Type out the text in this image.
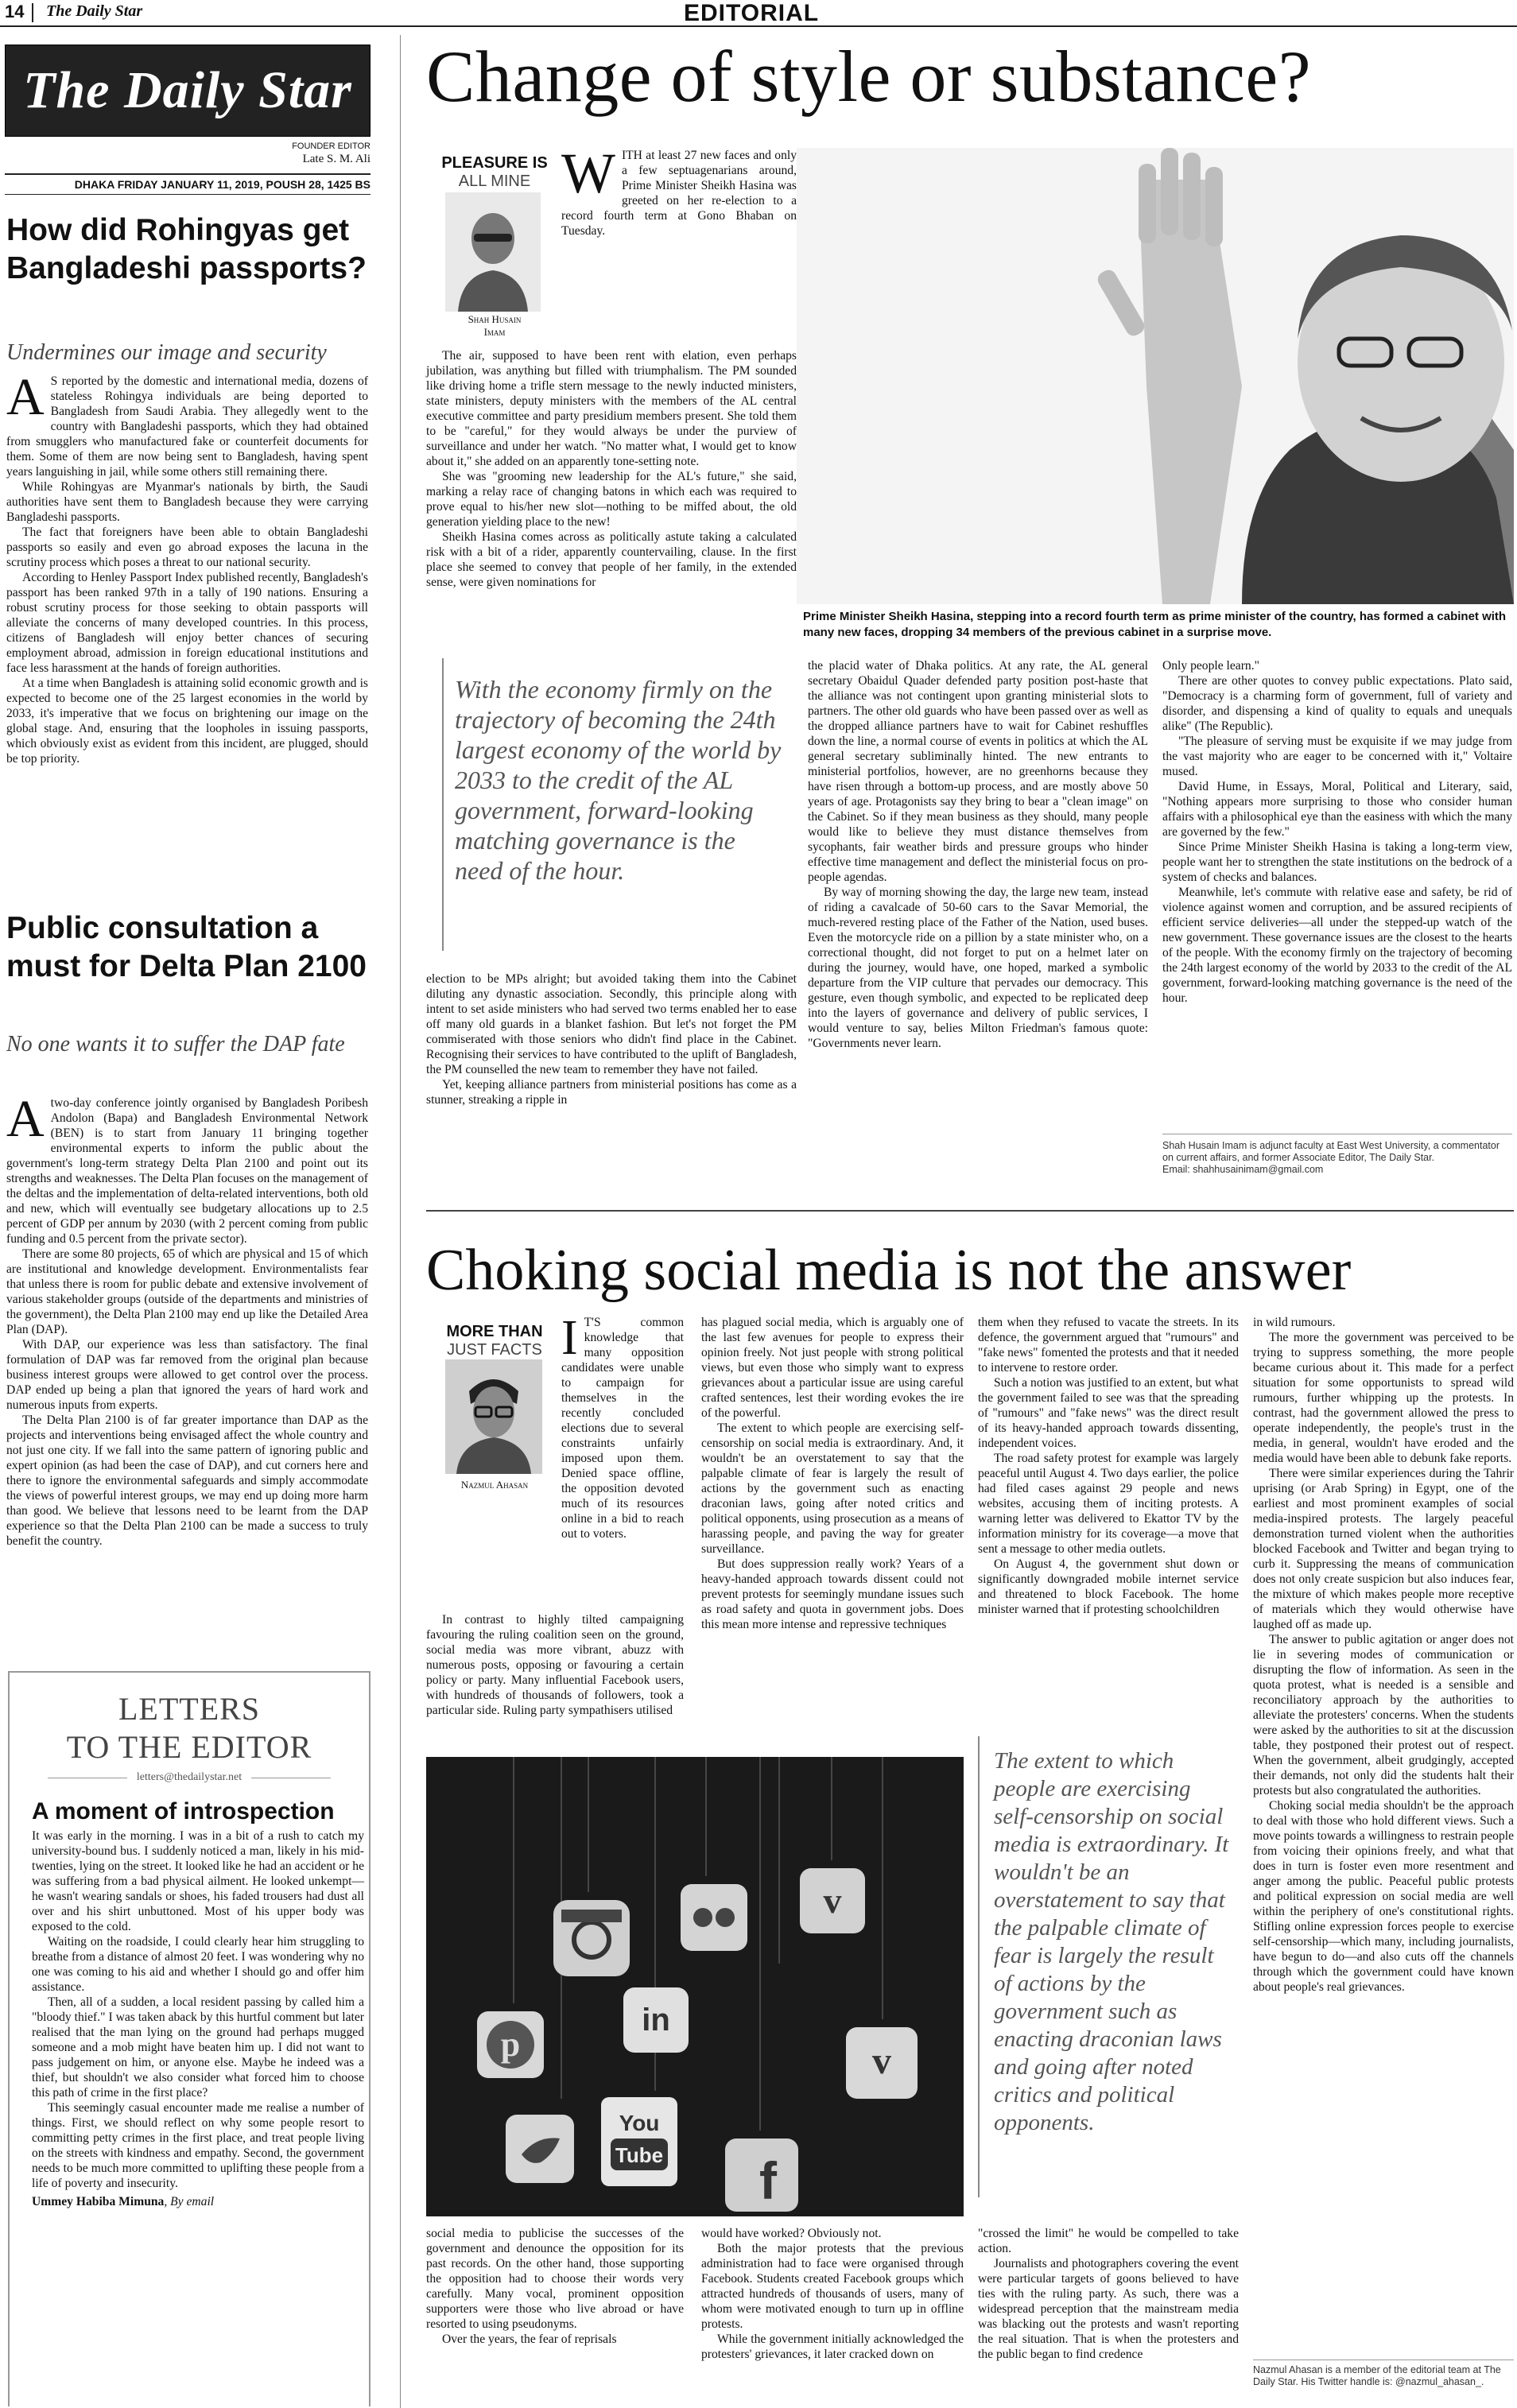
14 The Daily Star	EDITORIAL
The Daily Star
FOUNDER EDITOR
Late S. M. Ali
DHAKA FRIDAY JANUARY 11, 2019, POUSH 28, 1425 BS
How did Rohingyas get Bangladeshi passports?
Undermines our image and security
A S reported by the domestic and international media, dozens of stateless Rohingya individuals are being deported to Bangladesh from Saudi Arabia. They allegedly went to the country with Bangladeshi passports, which they had obtained from smugglers who manufactured fake or counterfeit documents for them. Some of them are now being sent to Bangladesh, having spent years languishing in jail, while some others still remaining there.

While Rohingyas are Myanmar's nationals by birth, the Saudi authorities have sent them to Bangladesh because they were carrying Bangladeshi passports.

The fact that foreigners have been able to obtain Bangladeshi passports so easily and even go abroad exposes the lacuna in the scrutiny process which poses a threat to our national security.

According to Henley Passport Index published recently, Bangladesh's passport has been ranked 97th in a tally of 190 nations. Ensuring a robust scrutiny process for those seeking to obtain passports will alleviate the concerns of many developed countries. In this process, citizens of Bangladesh will enjoy better chances of securing employment abroad, admission in foreign educational institutions and face less harassment at the hands of foreign authorities.

At a time when Bangladesh is attaining solid economic growth and is expected to become one of the 25 largest economies in the world by 2033, it's imperative that we focus on brightening our image on the global stage. And, ensuring that the loopholes in issuing passports, which obviously exist as evident from this incident, are plugged, should be top priority.

Public consultation a must for Delta Plan 2100
No one wants it to suffer the DAP fate
A two-day conference jointly organised by Bangladesh Poribesh Andolon (Bapa) and Bangladesh Environmental Network (BEN) is to start from January 11 bringing together environmental experts to inform the public about the government's long-term strategy Delta Plan 2100 and point out its strengths and weaknesses. The Delta Plan focuses on the management of the deltas and the implementation of delta-related interventions, both old and new, which will eventually see budgetary allocations up to 2.5 percent of GDP per annum by 2030 (with 2 percent coming from public funding and 0.5 percent from the private sector).

There are some 80 projects, 65 of which are physical and 15 of which are institutional and knowledge development. Environmentalists fear that unless there is room for public debate and extensive involvement of various stakeholder groups (outside of the departments and ministries of the government), the Delta Plan 2100 may end up like the Detailed Area Plan (DAP).

With DAP, our experience was less than satisfactory. The final formulation of DAP was far removed from the original plan because business interest groups were allowed to get control over the process. DAP ended up being a plan that ignored the years of hard work and numerous inputs from experts.

The Delta Plan 2100 is of far greater importance than DAP as the projects and interventions being envisaged affect the whole country and not just one city. If we fall into the same pattern of ignoring public and expert opinion (as had been the case of DAP), and cut corners here and there to ignore the environmental safeguards and simply accommodate the views of powerful interest groups, we may end up doing more harm than good. We believe that lessons need to be learnt from the DAP experience so that the Delta Plan 2100 can be made a success to truly benefit the country.

LETTERS
TO THE EDITOR
letters@thedailystar.net
A moment of introspection

It was early in the morning. I was in a bit of a rush to catch my university-bound bus. I suddenly noticed a man, likely in his mid-twenties, lying on the street. It looked like he had an accident or he was suffering from a bad physical ailment. He looked unkempt—he wasn't wearing sandals or shoes, his faded trousers had dust all over and his shirt unbuttoned. Most of his upper body was exposed to the cold.

Waiting on the roadside, I could clearly hear him struggling to breathe from a distance of almost 20 feet. I was wondering why no one was coming to his aid and whether I should go and offer him assistance.

Then, all of a sudden, a local resident passing by called him a "bloody thief." I was taken aback by this hurtful comment but later realised that the man lying on the ground had perhaps mugged someone and a mob might have beaten him up. I did not want to pass judgement on him, or anyone else. Maybe he indeed was a thief, but shouldn't we also consider what forced him to choose this path of crime in the first place?

This seemingly casual encounter made me realise a number of things. First, we should reflect on why some people resort to committing petty crimes in the first place, and treat people living on the streets with kindness and empathy. Second, the government needs to be much more committed to uplifting these people from a life of poverty and insecurity.

Ummey Habiba Mimuna, By email

Change of style or substance?
PLEASURE IS
ALL MINE
Shah Husain
Imam
W ITH at least 27 new faces and only a few septuagenarians around, Prime Minister Sheikh Hasina was greeted on her re-election to a record fourth term at Gono Bhaban on Tuesday.

The air, supposed to have been rent with elation, even perhaps jubilation, was anything but filled with triumphalism. The PM sounded like driving home a trifle stern message to the newly inducted ministers, state ministers, deputy ministers with the members of the AL central executive committee and party presidium members present. She told them to be "careful," for they would always be under the purview of surveillance and under her watch. "No matter what, I would get to know about it," she added on an apparently tone-setting note.

She was "grooming new leadership for the AL's future," she said, marking a relay race of changing batons in which each was required to prove equal to his/her new slot—nothing to be miffed about, the old generation yielding place to the new!

Sheikh Hasina comes across as politically astute taking a calculated risk with a bit of a rider, apparently countervailing, clause. In the first place she seemed to convey that people of her family, in the extended sense, were given nominations for

With the economy firmly on the trajectory of becoming the 24th largest economy of the world by 2033 to the credit of the AL government, forward-looking matching governance is the need of the hour.

election to be MPs alright; but avoided taking them into the Cabinet diluting any dynastic association. Secondly, this principle along with intent to set aside ministers who had served two terms enabled her to ease off many old guards in a blanket fashion. But let's not forget the PM commiserated with those seniors who didn't find place in the Cabinet. Recognising their services to have contributed to the uplift of Bangladesh, the PM counselled the new team to remember they have not failed.

Yet, keeping alliance partners from ministerial positions has come as a stunner, streaking a ripple in

Prime Minister Sheikh Hasina, stepping into a record fourth term as prime minister of the country, has formed a cabinet with many new faces, dropping 34 members of the previous cabinet in a surprise move.

the placid water of Dhaka politics. At any rate, the AL general secretary Obaidul Quader defended party position post-haste that the alliance was not contingent upon granting ministerial slots to partners. The other old guards who have been passed over as well as the dropped alliance partners have to wait for Cabinet reshuffles down the line, a normal course of events in politics at which the AL general secretary subliminally hinted. The new entrants to ministerial portfolios, however, are no greenhorns because they have risen through a bottom-up process, and are mostly above 50 years of age. Protagonists say they bring to bear a "clean image" on the Cabinet. So if they mean business as they should, many people would like to believe they must distance themselves from sycophants, fair weather birds and pressure groups who hinder effective time management and deflect the ministerial focus on pro-people agendas.

By way of morning showing the day, the large new team, instead of riding a cavalcade of 50-60 cars to the Savar Memorial, the much-revered resting place of the Father of the Nation, used buses. Even the motorcycle ride on a pillion by a state minister who, on a correctional thought, did not forget to put on a helmet later on during the journey, would have, one hoped, marked a symbolic departure from the VIP culture that pervades our democracy. This gesture, even though symbolic, and expected to be replicated deep into the layers of governance and delivery of public services, I would venture to say, belies Milton Friedman's famous quote: "Governments never learn.

Only people learn."

There are other quotes to convey public expectations. Plato said, "Democracy is a charming form of government, full of variety and disorder, and dispensing a kind of quality to equals and unequals alike" (The Republic).

"The pleasure of serving must be exquisite if we may judge from the vast majority who are eager to be concerned with it," Voltaire mused.

David Hume, in Essays, Moral, Political and Literary, said, "Nothing appears more surprising to those who consider human affairs with a philosophical eye than the easiness with which the many are governed by the few."

Since Prime Minister Sheikh Hasina is taking a long-term view, people want her to strengthen the state institutions on the bedrock of a system of checks and balances.

Meanwhile, let's commute with relative ease and safety, be rid of violence against women and corruption, and be assured recipients of efficient service deliveries—all under the stepped-up watch of the new government. These governance issues are the closest to the hearts of the people. With the economy firmly on the trajectory of becoming the 24th largest economy of the world by 2033 to the credit of the AL government, forward-looking matching governance is the need of the hour.

Shah Husain Imam is adjunct faculty at East West University, a commentator on current affairs, and former Associate Editor, The Daily Star.
Email: shahhusainimam@gmail.com
Choking social media is not the answer
MORE THAN
JUST FACTS
Nazmul Ahasan
I T'S common knowledge that many opposition candidates were unable to campaign for themselves in the recently concluded elections due to several constraints unfairly imposed upon them. Denied space offline, the opposition devoted much of its resources online in a bid to reach out to voters.

In contrast to highly tilted campaigning favouring the ruling coalition seen on the ground, social media was more vibrant, abuzz with numerous posts, opposing or favouring a certain policy or party. Many influential Facebook users, with hundreds of thousands of followers, took a particular side. Ruling party sympathisers utilised

has plagued social media, which is arguably one of the last few avenues for people to express their opinion freely. Not just people with strong political views, but even those who simply want to express grievances about a particular issue are using careful crafted sentences, lest their wording evokes the ire of the powerful.

The extent to which people are exercising self-censorship on social media is extraordinary. And, it wouldn't be an overstatement to say that the palpable climate of fear is largely the result of actions by the government such as enacting draconian laws, going after noted critics and political opponents, using prosecution as a means of harassing people, and paving the way for greater surveillance.

But does suppression really work? Years of a heavy-handed approach towards dissent could not prevent protests for seemingly mundane issues such as road safety and quota in government jobs. Does this mean more intense and repressive techniques

them when they refused to vacate the streets. In its defence, the government argued that "rumours" and "fake news" fomented the protests and that it needed to intervene to restore order.

Such a notion was justified to an extent, but what the government failed to see was that the spreading of "rumours" and "fake news" was the direct result of its heavy-handed approach towards dissenting, independent voices.

The road safety protest for example was largely peaceful until August 4. Two days earlier, the police had filed cases against 29 people and news websites, accusing them of inciting protests. A warning letter was delivered to Ekattor TV by the information ministry for its coverage—a move that sent a message to other media outlets.

On August 4, the government shut down or significantly downgraded mobile internet service and threatened to block Facebook. The home minister warned that if protesting schoolchildren

in wild rumours.

The more the government was perceived to be trying to suppress something, the more people became curious about it. This made for a perfect situation for some opportunists to spread wild rumours, further whipping up the protests. In contrast, had the government allowed the press to operate independently, the people's trust in the media, in general, wouldn't have eroded and the media would have been able to debunk fake reports.

There were similar experiences during the Tahrir uprising (or Arab Spring) in Egypt, one of the earliest and most prominent examples of social media-inspired protests. The largely peaceful demonstration turned violent when the authorities blocked Facebook and Twitter and began trying to curb it. Suppressing the means of communication does not only create suspicion but also induces fear, the mixture of which makes people more receptive of materials which they would otherwise have laughed off as made up.

The answer to public agitation or anger does not lie in severing modes of communication or disrupting the flow of information. As seen in the quota protest, what is needed is a sensible and reconciliatory approach by the authorities to alleviate the protesters' concerns. When the students were asked by the authorities to sit at the discussion table, they postponed their protest out of respect. When the government, albeit grudgingly, accepted their demands, not only did the students halt their protests but also congratulated the authorities.

Choking social media shouldn't be the approach to deal with those who hold different views. Such a move points towards a willingness to restrain people from voicing their opinions freely, and what that does in turn is foster even more resentment and anger among the public. Peaceful public protests and political expression on social media are well within the periphery of one's constitutional rights. Stifling online expression forces people to exercise self-censorship—which many, including journalists, have begun to do—and also cuts off the channels through which the government could have known about people's real grievances.

p
in
v
You
Tube f
v
The extent to which people are exercising self-censorship on social media is extraordinary. It wouldn't be an overstatement to say that the palpable climate of fear is largely the result of actions by the government such as enacting draconian laws and going after noted critics and political opponents.

social media to publicise the successes of the government and denounce the opposition for its past records. On the other hand, those supporting the opposition had to choose their words very carefully. Many vocal, prominent opposition supporters were those who live abroad or have resorted to using pseudonyms.

Over the years, the fear of reprisals

would have worked? Obviously not.

Both the major protests that the previous administration had to face were organised through Facebook. Students created Facebook groups which attracted hundreds of thousands of users, many of whom were motivated enough to turn up in offline protests.

While the government initially acknowledged the protesters' grievances, it later cracked down on

"crossed the limit" he would be compelled to take action.

Journalists and photographers covering the event were particular targets of goons believed to have ties with the ruling party. As such, there was a widespread perception that the mainstream media was blacking out the protests and wasn't reporting the real situation. That is when the protesters and the public began to find credence

Nazmul Ahasan is a member of the editorial team at The Daily Star. His Twitter handle is: @nazmul_ahasan_.
